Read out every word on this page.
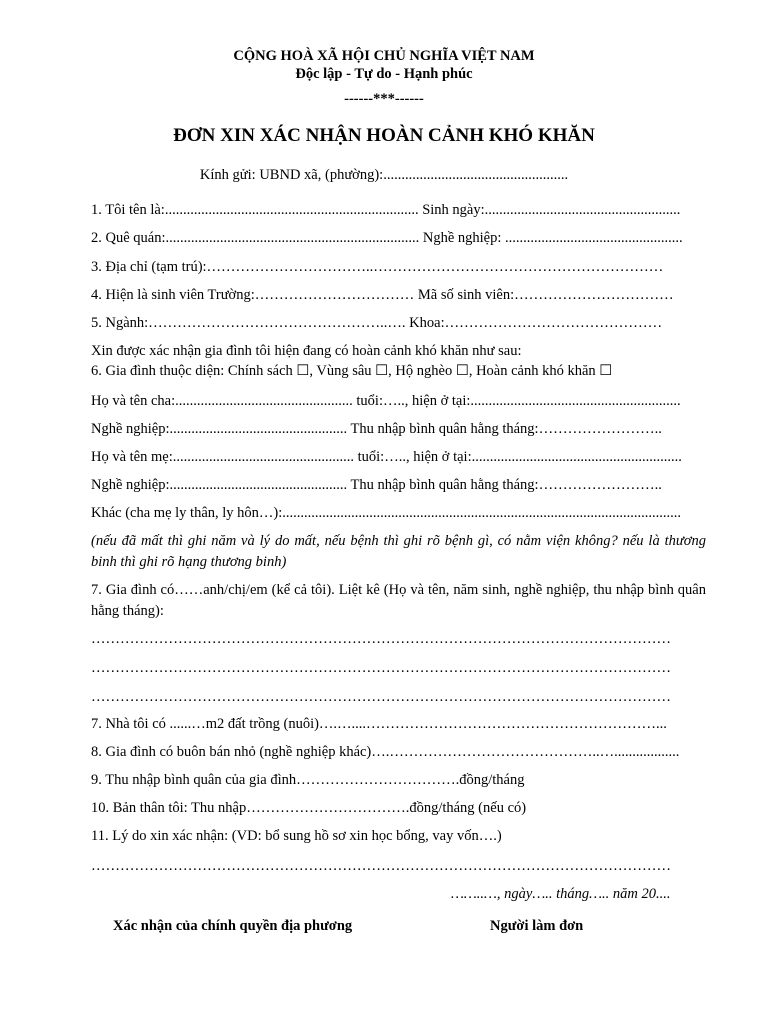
CỘNG HOÀ XÃ HỘI CHỦ NGHĨA VIỆT NAM
Độc lập - Tự do - Hạnh phúc
------***------
ĐƠN XIN XÁC NHẬN HOÀN CẢNH KHÓ KHĂN
Kính gửi: UBND xã, (phường):...................................................
1. Tôi tên là:...................................................................... Sinh ngày:......................................................
2. Quê quán:...................................................................... Nghề nghiệp: .................................................
3. Địa chỉ (tạm trú):……………………………..……………………………………………………
4. Hiện là sinh viên Trường:…………………………… Mã số sinh viên:……………………………
5. Ngành:…………………………………………..…. Khoa:………………………………………
Xin được xác nhận gia đình tôi hiện đang có hoàn cảnh khó khăn như sau:
6. Gia đình thuộc diện: Chính sách ☐, Vùng sâu ☐, Hộ nghèo ☐, Hoàn cảnh khó khăn ☐
Họ và tên cha:................................................. tuổi:….., hiện ở tại:..........................................................
Nghề nghiệp:................................................. Thu nhập bình quân hằng tháng:……………………..
Họ và tên mẹ:.................................................. tuổi:….., hiện ở tại:..........................................................
Nghề nghiệp:................................................. Thu nhập bình quân hằng tháng:……………………..
Khác (cha mẹ ly thân, ly hôn…):..............................................................................................................
(nếu đã mất thì ghi năm và lý do mất, nếu bệnh thì ghi rõ bệnh gì, có nằm viện không? nếu là thương binh thì ghi rõ hạng thương binh)
7. Gia đình có……anh/chị/em (kể cả tôi). Liệt kê (Họ và tên, năm sinh, nghề nghiệp, thu nhập bình quân hằng tháng):
…………………………………………………………………………………………………………
…………………………………………………………………………………………………………
…………………………………………………………………………………………………………
7. Nhà tôi có ......…m2 đất trồng (nuôi)….…....……………………………………………………...
8. Gia đình có buôn bán nhỏ (nghề nghiệp khác)….……………………………………..…..................
9. Thu nhập bình quân của gia đình…………………………….đồng/tháng
10. Bản thân tôi: Thu nhập…………………………….đồng/tháng (nếu có)
11. Lý do xin xác nhận: (VD: bổ sung hồ sơ xin học bổng, vay vốn….)
…………………………………………………………………………………………………………
……..…, ngày….. tháng….. năm 20....
Xác nhận của chính quyền địa phương	Người làm đơn
